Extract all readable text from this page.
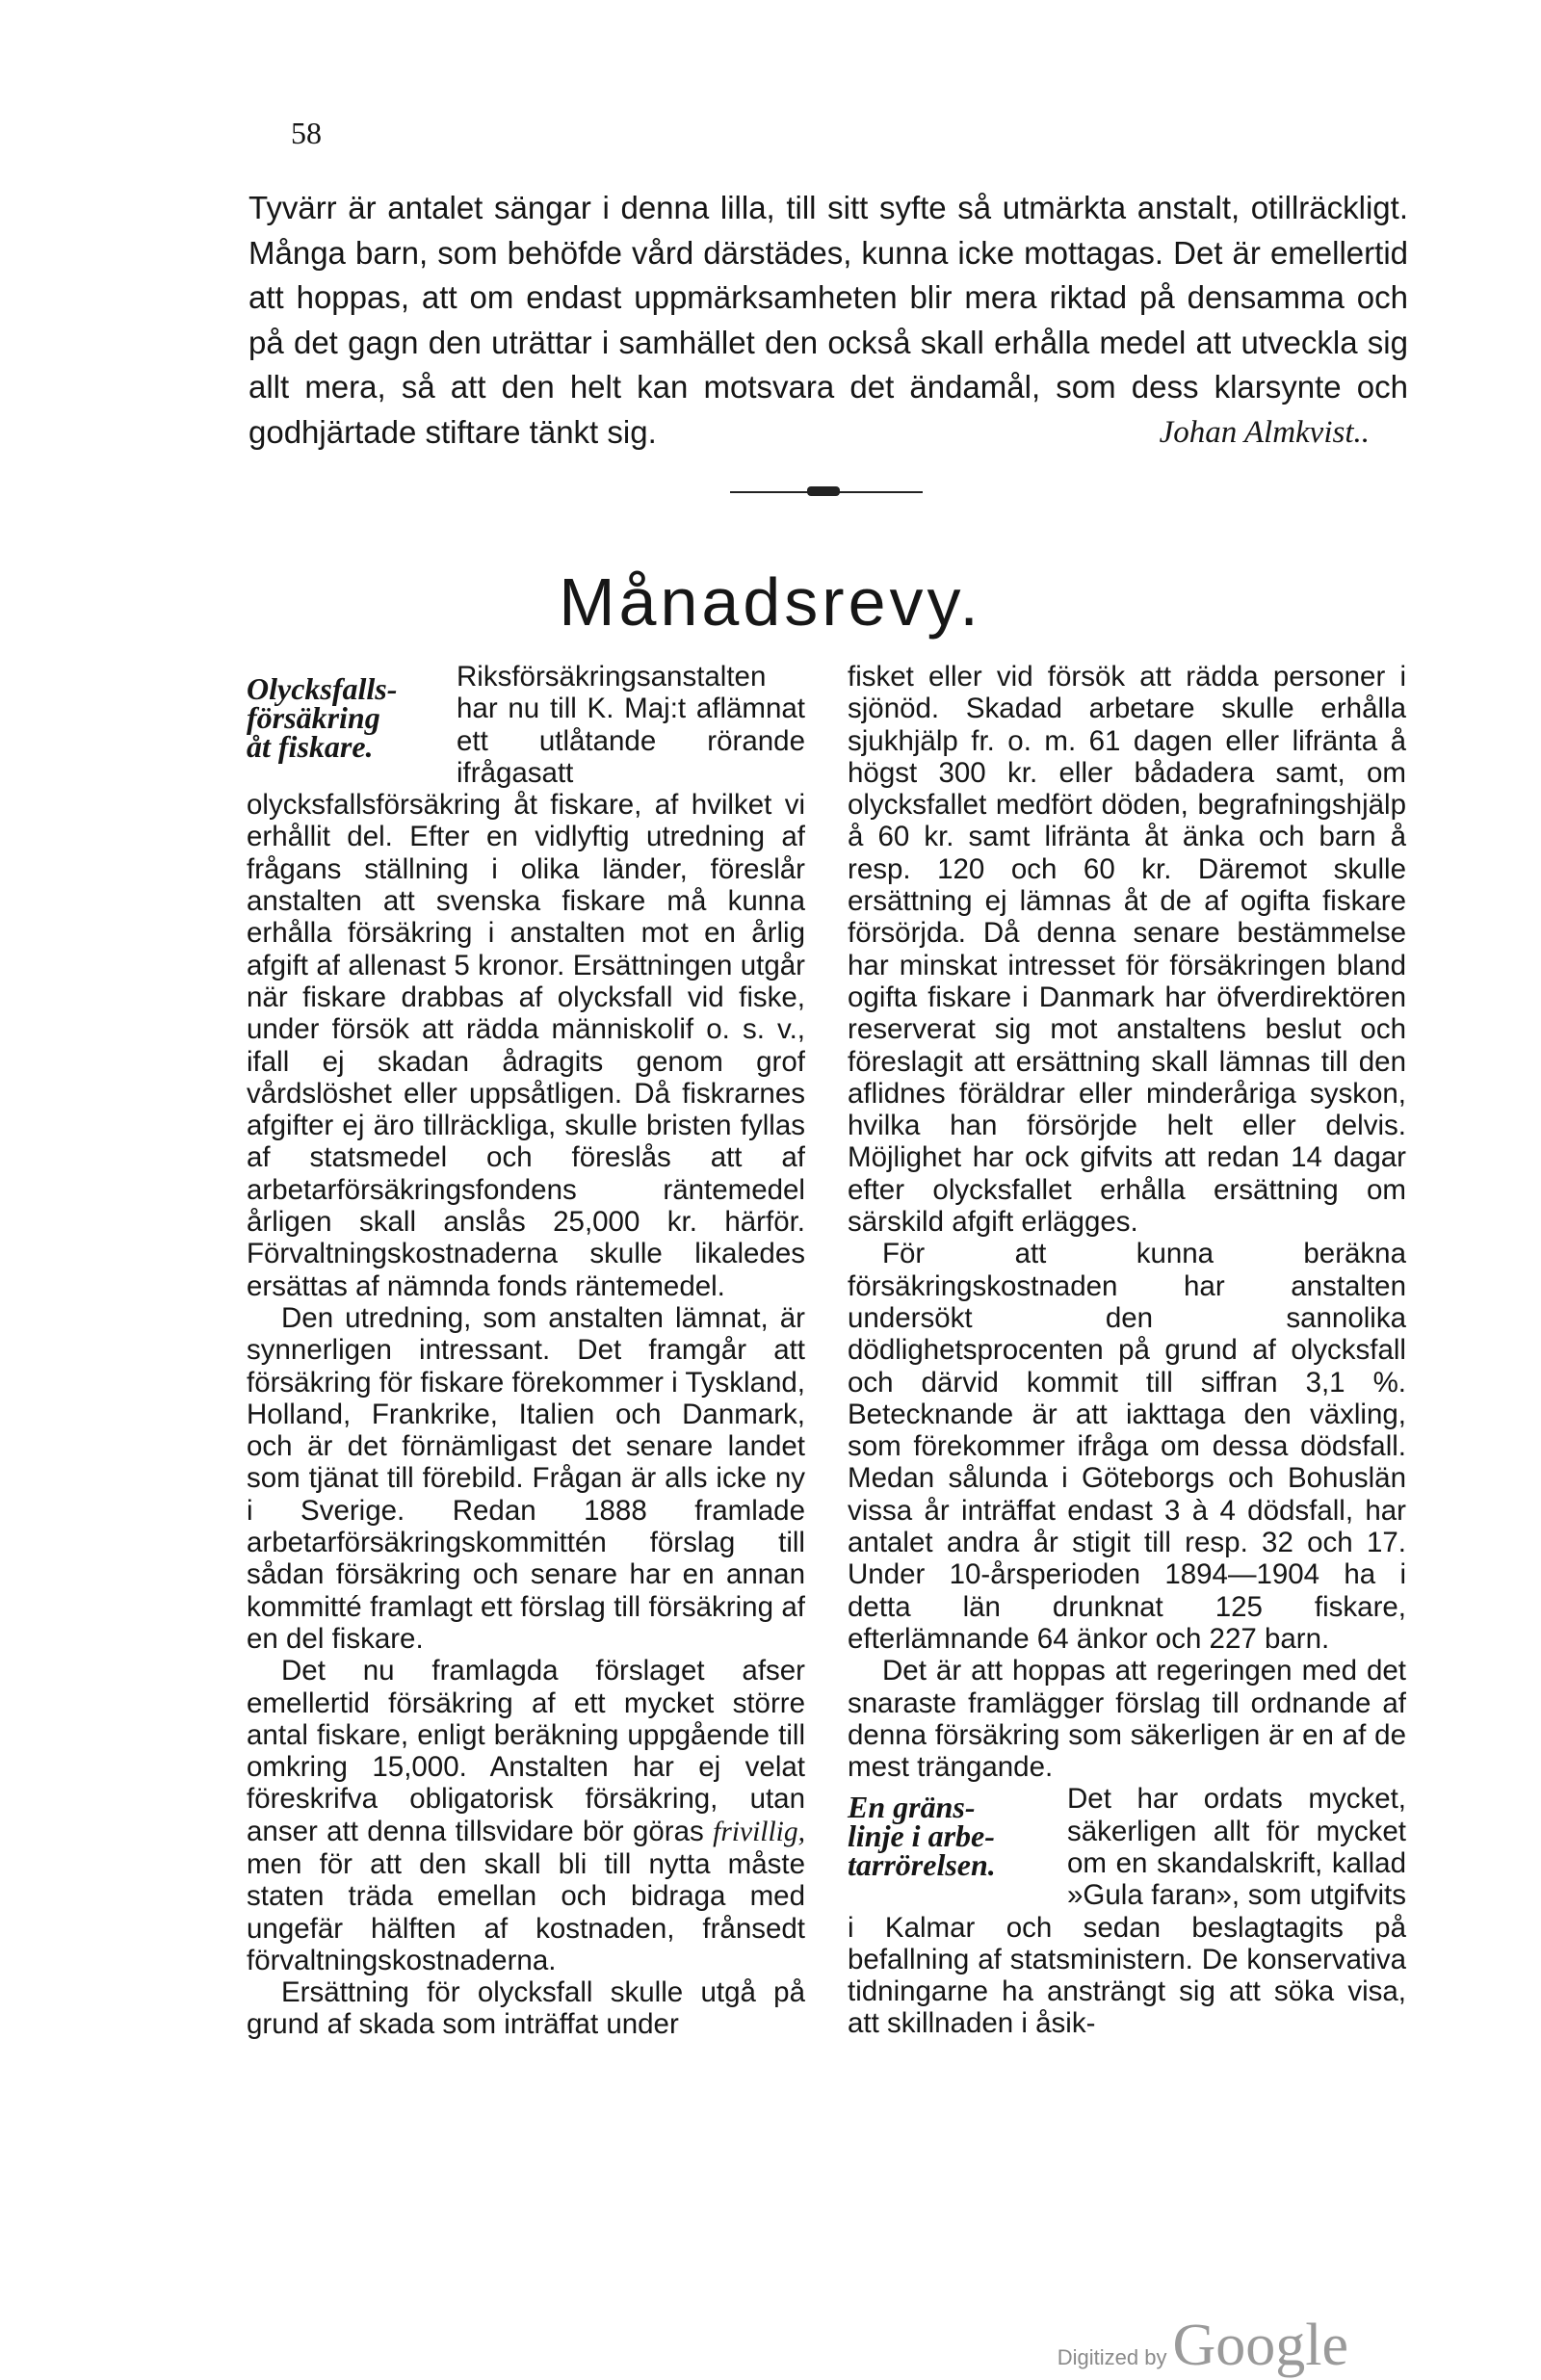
58

Tyvärr är antalet sängar i denna lilla, till sitt syfte så utmärkta anstalt, otillräckligt. Många barn, som behöfde vård därstädes, kunna icke mottagas. Det är emellertid att hoppas, att om endast uppmärksamheten blir mera riktad på densamma och på det gagn den uträttar i samhället den också skall erhålla medel att utveckla sig allt mera, så att den helt kan motsvara det ändamål, som dess klarsynte och godhjärtade stiftare tänkt sig.	Johan Almkvist..
Månadsrevy.
Olycksfalls-
försäkring
åt fiskare.

Riksförsäkringsanstalten har nu till K. Maj:t aflämnat ett utlåtande rörande ifrågasatt olycksfallsförsäkring åt fiskare, af hvilket vi erhållit del. Efter en vidlyftig utredning af frågans ställning i olika länder, föreslår anstalten att svenska fiskare må kunna erhålla försäkring i anstalten mot en årlig afgift af allenast 5 kronor. Ersättningen utgår när fiskare drabbas af olycksfall vid fiske, under försök att rädda människolif o. s. v., ifall ej skadan ådragits genom grof vårdslöshet eller uppsåtligen. Då fiskrarnes afgifter ej äro tillräckliga, skulle bristen fyllas af statsmedel och föreslås att af arbetarförsäkringsfondens räntemedel årligen skall anslås 25,000 kr. härför. Förvaltningskostnaderna skulle likaledes ersättas af nämnda fonds räntemedel.

Den utredning, som anstalten lämnat, är synnerligen intressant. Det framgår att försäkring för fiskare förekommer i Tyskland, Holland, Frankrike, Italien och Danmark, och är det förnämligast det senare landet som tjänat till förebild. Frågan är alls icke ny i Sverige. Redan 1888 framlade arbetarförsäkringskommittén förslag till sådan försäkring och senare har en annan kommitté framlagt ett förslag till försäkring af en del fiskare.

Det nu framlagda förslaget afser emellertid försäkring af ett mycket större antal fiskare, enligt beräkning uppgående till omkring 15,000. Anstalten har ej velat föreskrifva obligatorisk försäkring, utan anser att denna tillsvidare bör göras frivillig, men för att den skall bli till nytta måste staten träda emellan och bidraga med ungefär hälften af kostnaden, frånsedt förvaltningskostnaderna.

Ersättning för olycksfall skulle utgå på grund af skada som inträffat under

fisket eller vid försök att rädda personer i sjönöd. Skadad arbetare skulle erhålla sjukhjälp fr. o. m. 61 dagen eller lifränta å högst 300 kr. eller bådadera samt, om olycksfallet medfört döden, begrafningshjälp å 60 kr. samt lifränta åt änka och barn å resp. 120 och 60 kr. Däremot skulle ersättning ej lämnas åt de af ogifta fiskare försörjda. Då denna senare bestämmelse har minskat intresset för försäkringen bland ogifta fiskare i Danmark har öfverdirektören reserverat sig mot anstaltens beslut och föreslagit att ersättning skall lämnas till den aflidnes föräldrar eller minderåriga syskon, hvilka han försörjde helt eller delvis. Möjlighet har ock gifvits att redan 14 dagar efter olycksfallet erhålla ersättning om särskild afgift erlägges.

För att kunna beräkna försäkringskostnaden har anstalten undersökt den sannolika dödlighetsprocenten på grund af olycksfall och därvid kommit till siffran 3,1 %. Betecknande är att iakttaga den växling, som förekommer ifråga om dessa dödsfall. Medan sålunda i Göteborgs och Bohuslän vissa år inträffat endast 3 à 4 dödsfall, har antalet andra år stigit till resp. 32 och 17. Under 10-årsperioden 1894—1904 ha i detta län drunknat 125 fiskare, efterlämnande 64 änkor och 227 barn.

Det är att hoppas att regeringen med det snaraste framlägger förslag till ordnande af denna försäkring som säkerligen är en af de mest trängande.

En gräns-
linje i arbe-
tarrörelsen.

Det har ordats mycket, säkerligen allt för mycket om en skandalskrift, kallad »Gula faran», som utgifvits i Kalmar och sedan beslagtagits på befallning af statsministern. De konservativa tidningarne ha ansträngt sig att söka visa, att skillnaden i åsik-

Digitized by Google
